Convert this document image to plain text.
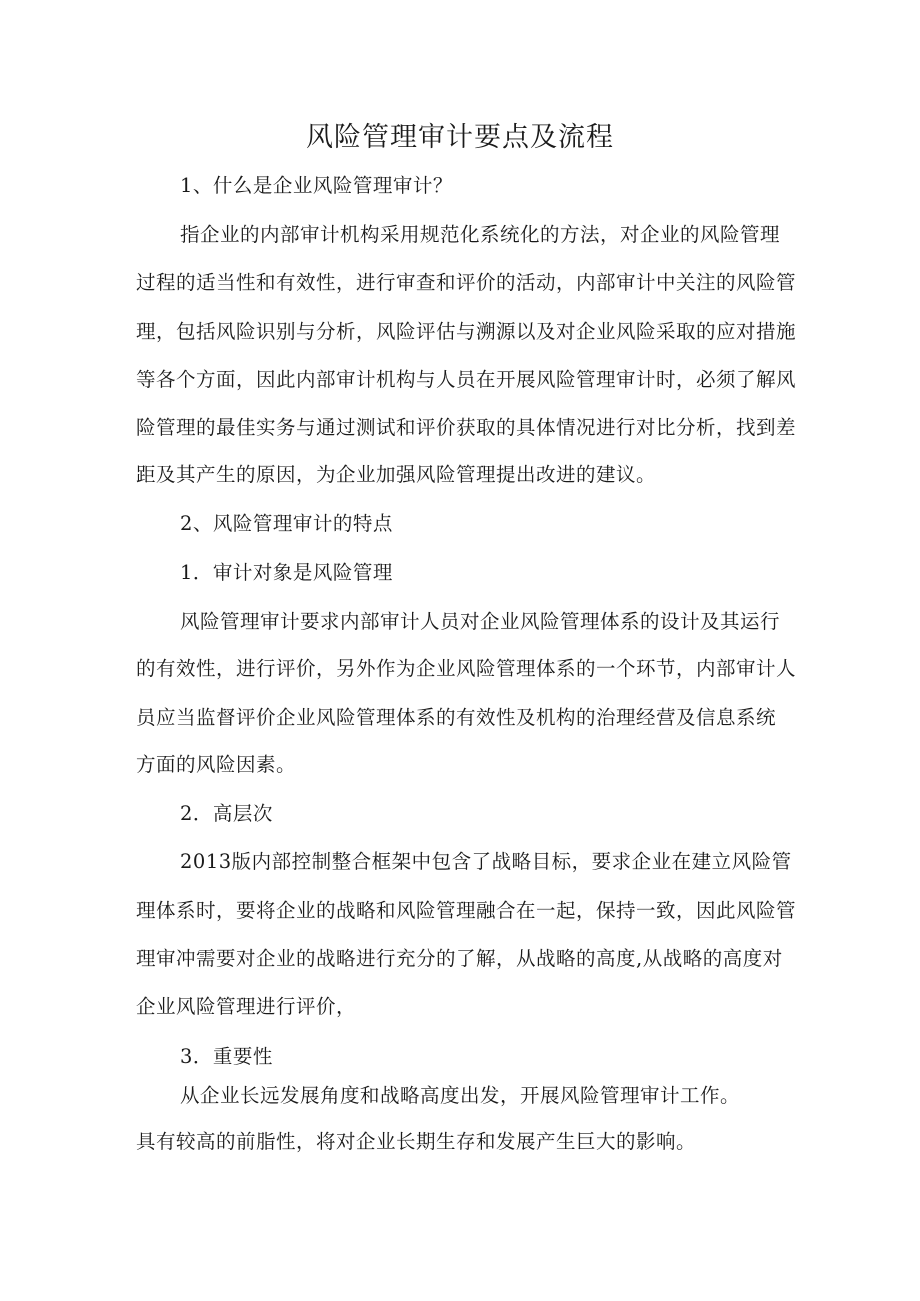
风险管理审计要点及流程
1、什么是企业风险管理审计？
指企业的内部审计机构采用规范化系统化的方法，对企业的风险管理
过程的适当性和有效性，进行审查和评价的活动，内部审计中关注的风险管
理，包括风险识别与分析，风险评估与溯源以及对企业风险采取的应对措施
等各个方面，因此内部审计机构与人员在开展风险管理审计时，必须了解风
险管理的最佳实务与通过测试和评价获取的具体情况进行对比分析，找到差
距及其产生的原因，为企业加强风险管理提出改进的建议。
2、风险管理审计的特点
1．审计对象是风险管理
风险管理审计要求内部审计人员对企业风险管理体系的设计及其运行
的有效性，进行评价，另外作为企业风险管理体系的一个环节，内部审计人
员应当监督评价企业风险管理体系的有效性及机构的治理经营及信息系统
方面的风险因素。
2．高层次
2013版内部控制整合框架中包含了战略目标，要求企业在建立风险管
理体系时，要将企业的战略和风险管理融合在一起，保持一致，因此风险管
理审冲需要对企业的战略进行充分的了解，从战略的高度,从战略的高度对
企业风险管理进行评价，
3．重要性
从企业长远发展角度和战略高度出发，开展风险管理审计工作。
具有较高的前脂性，将对企业长期生存和发展产生巨大的影响。
